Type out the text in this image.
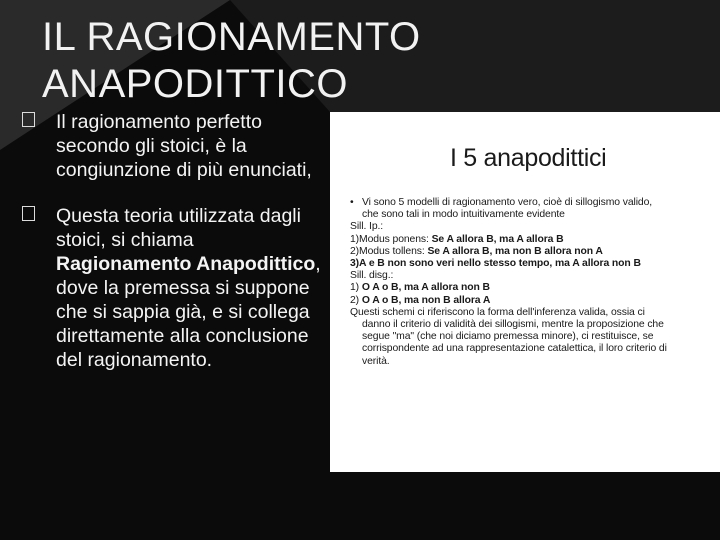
IL RAGIONAMENTO
ANAPODITTICO
Il ragionamento perfetto secondo gli stoici, è la congiunzione di più enunciati,
Questa teoria utilizzata dagli stoici, si chiama Ragionamento Anapodittico, dove la premessa si suppone che si sappia già, e si collega direttamente alla conclusione del ragionamento.
I 5 anapodittici
• Vi sono 5 modelli di ragionamento vero, cioè di sillogismo valido,
che sono tali in modo intuitivamente evidente
Sill. Ip.:
1)Modus ponens: Se A allora B, ma A allora B
2)Modus tollens: Se A allora B, ma non B allora non A
3)A e B non sono veri nello stesso tempo, ma A allora non B
Sill. disg.:
1) O A o B, ma A allora non B
2) O A o B, ma non B allora A
Questi schemi ci riferiscono la forma dell'inferenza valida, ossia ci
danno il criterio di validità dei sillogismi, mentre la proposizione che
segue "ma" (che noi diciamo premessa minore), ci restituisce, se
corrispondente ad una rappresentazione catalettica, il loro criterio di
verità.
